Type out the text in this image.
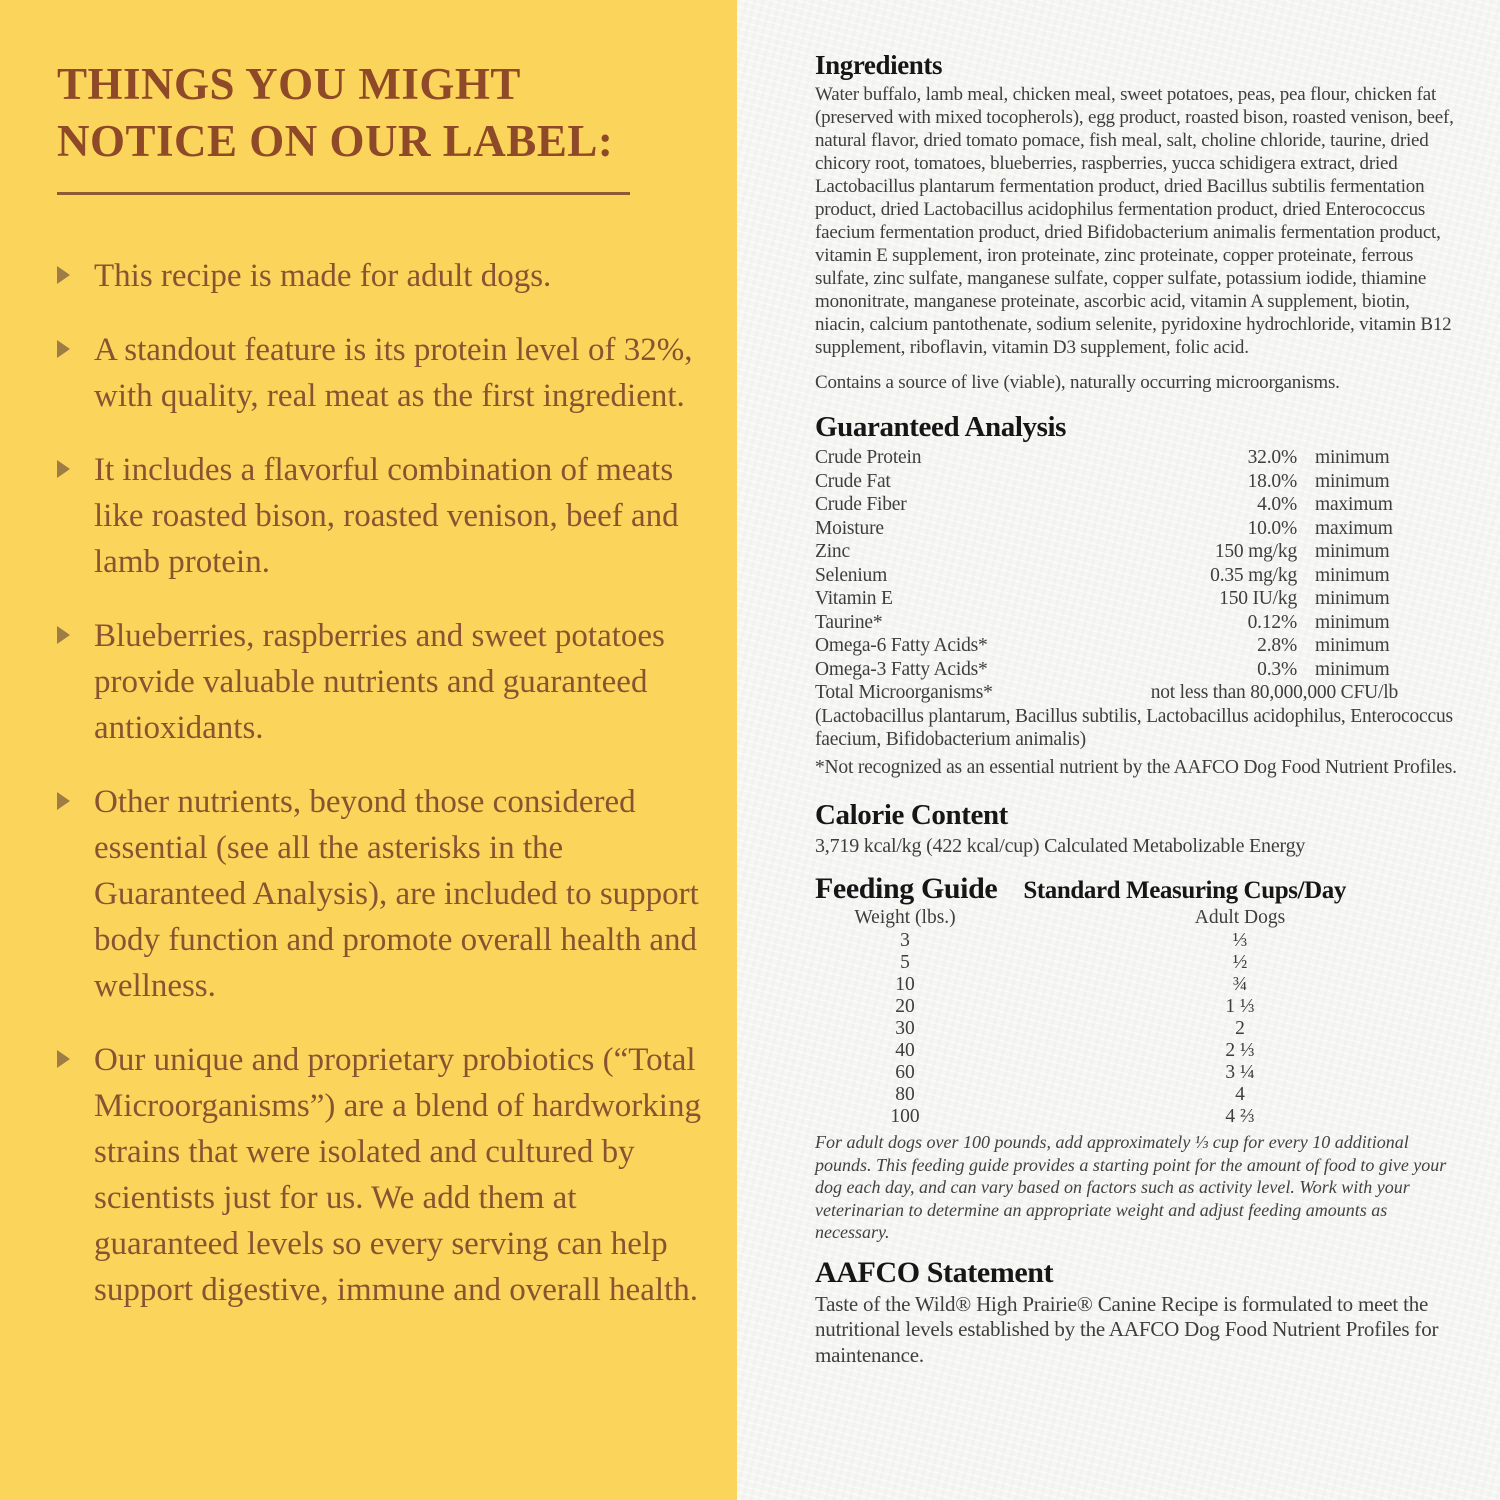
THINGS YOU MIGHT
NOTICE ON OUR LABEL:
This recipe is made for adult dogs.
A standout feature is its protein level of 32%, with quality, real meat as the first ingredient.
It includes a flavorful combination of meats like roasted bison, roasted venison, beef and lamb protein.
Blueberries, raspberries and sweet potatoes provide valuable nutrients and guaranteed antioxidants.
Other nutrients, beyond those considered essential (see all the asterisks in the Guaranteed Analysis), are included to support body function and promote overall health and wellness.
Our unique and proprietary probiotics (“Total Microorganisms”) are a blend of hardworking strains that were isolated and cultured by scientists just for us. We add them at guaranteed levels so every serving can help support digestive, immune and overall health.
Ingredients

Water buffalo, lamb meal, chicken meal, sweet potatoes, peas, pea flour, chicken fat (preserved with mixed tocopherols), egg product, roasted bison, roasted venison, beef, natural flavor, dried tomato pomace, fish meal, salt, choline chloride, taurine, dried chicory root, tomatoes, blueberries, raspberries, yucca schidigera extract, dried Lactobacillus plantarum fermentation product, dried Bacillus subtilis fermentation product, dried Lactobacillus acidophilus fermentation product, dried Enterococcus faecium fermentation product, dried Bifidobacterium animalis fermentation product, vitamin E supplement, iron proteinate, zinc proteinate, copper proteinate, ferrous sulfate, zinc sulfate, manganese sulfate, copper sulfate, potassium iodide, thiamine mononitrate, manganese proteinate, ascorbic acid, vitamin A supplement, biotin, niacin, calcium pantothenate, sodium selenite, pyridoxine hydrochloride, vitamin B12 supplement, riboflavin, vitamin D3 supplement, folic acid.

Contains a source of live (viable), naturally occurring microorganisms.

Guaranteed Analysis
Crude Protein	32.0% minimum
Crude Fat	18.0% minimum
Crude Fiber	4.0% maximum
Moisture	10.0% maximum
Zinc	150 mg/kg minimum
Selenium	0.35 mg/kg minimum
Vitamin E	150 IU/kg minimum
Taurine*	0.12% minimum
Omega-6 Fatty Acids*	2.8% minimum
Omega-3 Fatty Acids*	0.3% minimum
Total Microorganisms*	not less than 80,000,000 CFU/lb

(Lactobacillus plantarum, Bacillus subtilis, Lactobacillus acidophilus, Enterococcus faecium, Bifidobacterium animalis)

*Not recognized as an essential nutrient by the AAFCO Dog Food Nutrient Profiles.

Calorie Content

3,719 kcal/kg (422 kcal/cup) Calculated Metabolizable Energy

Feeding Guide Standard Measuring Cups/Day
Weight (lbs.)	Adult Dogs
3	⅓
5	½
10	¾
20	1 ⅓
30	2
40	2 ⅓
60	3 ¼
80	4
100	4 ⅔

For adult dogs over 100 pounds, add approximately ⅓ cup for every 10 additional pounds. This feeding guide provides a starting point for the amount of food to give your dog each day, and can vary based on factors such as activity level. Work with your veterinarian to determine an appropriate weight and adjust feeding amounts as necessary.

AAFCO Statement

Taste of the Wild® High Prairie® Canine Recipe is formulated to meet the nutritional levels established by the AAFCO Dog Food Nutrient Profiles for maintenance.
